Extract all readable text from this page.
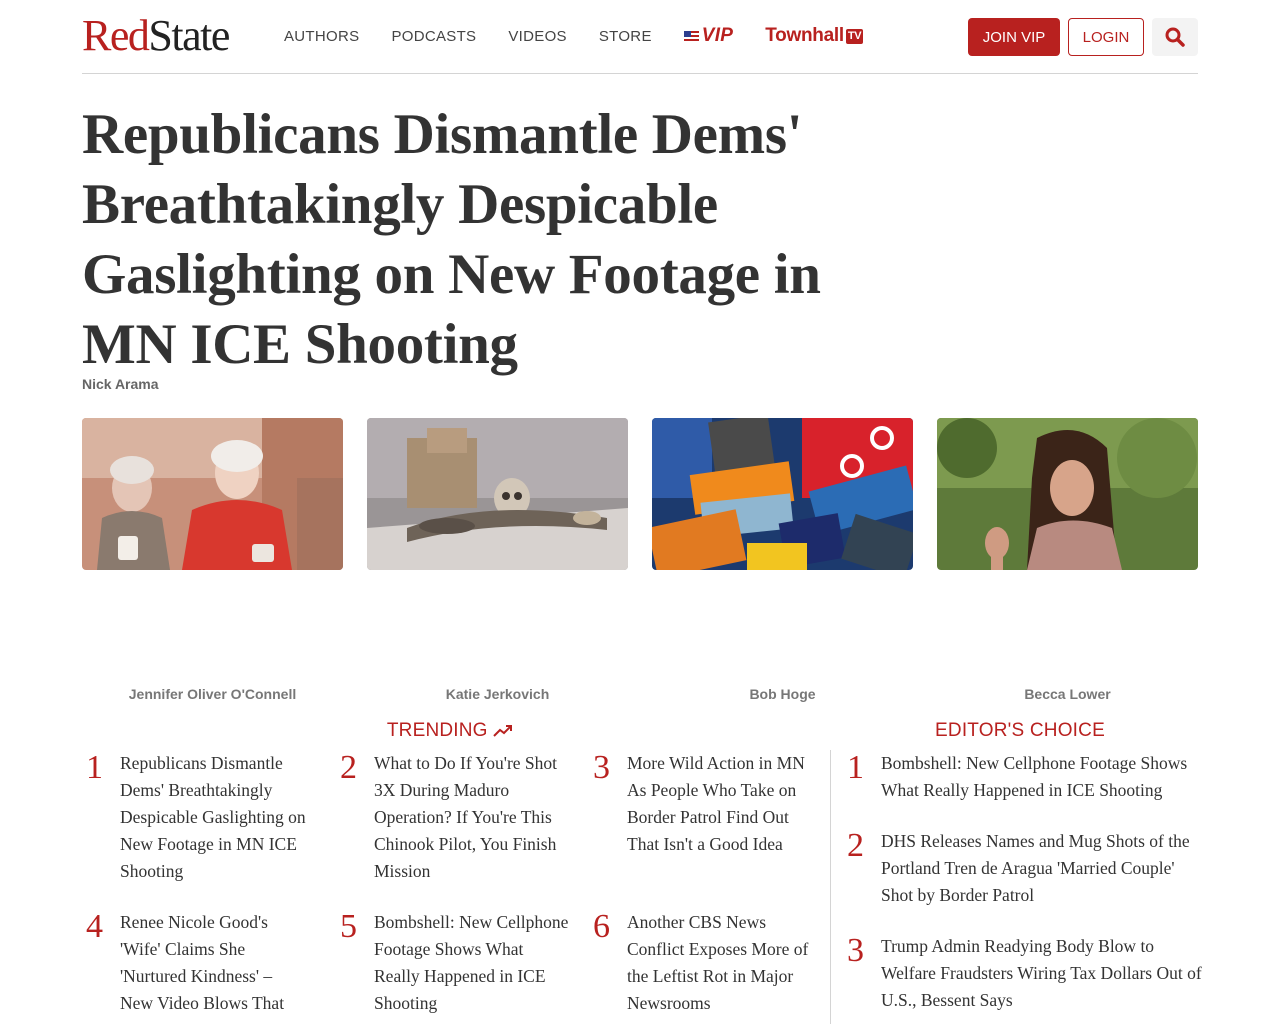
RedState	AUTHORS PODCASTS VIDEOS STORE	VIP Townhall TV	JOIN VIP	LOGIN
Republicans Dismantle Dems' Breathtakingly Despicable Gaslighting on New Footage in MN ICE Shooting
Nick Arama
Jennifer Oliver O'Connell	Katie Jerkovich	Bob Hoge	Becca Lower
TRENDING
1 Republicans Dismantle Dems' Breathtakingly Despicable Gaslighting on New Footage in MN ICE Shooting
2 What to Do If You're Shot 3X During Maduro Operation? If You're This Chinook Pilot, You Finish Mission
3 More Wild Action in MN As People Who Take on Border Patrol Find Out That Isn't a Good Idea
4 Renee Nicole Good's 'Wife' Claims She 'Nurtured Kindness' – New Video Blows That
5 Bombshell: New Cellphone Footage Shows What Really Happened in ICE Shooting
6 Another CBS News Conflict Exposes More of the Leftist Rot in Major Newsrooms
EDITOR'S CHOICE
1 Bombshell: New Cellphone Footage Shows What Really Happened in ICE Shooting
2 DHS Releases Names and Mug Shots of the Portland Tren de Aragua 'Married Couple' Shot by Border Patrol
3 Trump Admin Readying Body Blow to Welfare Fraudsters Wiring Tax Dollars Out of U.S., Bessent Says
